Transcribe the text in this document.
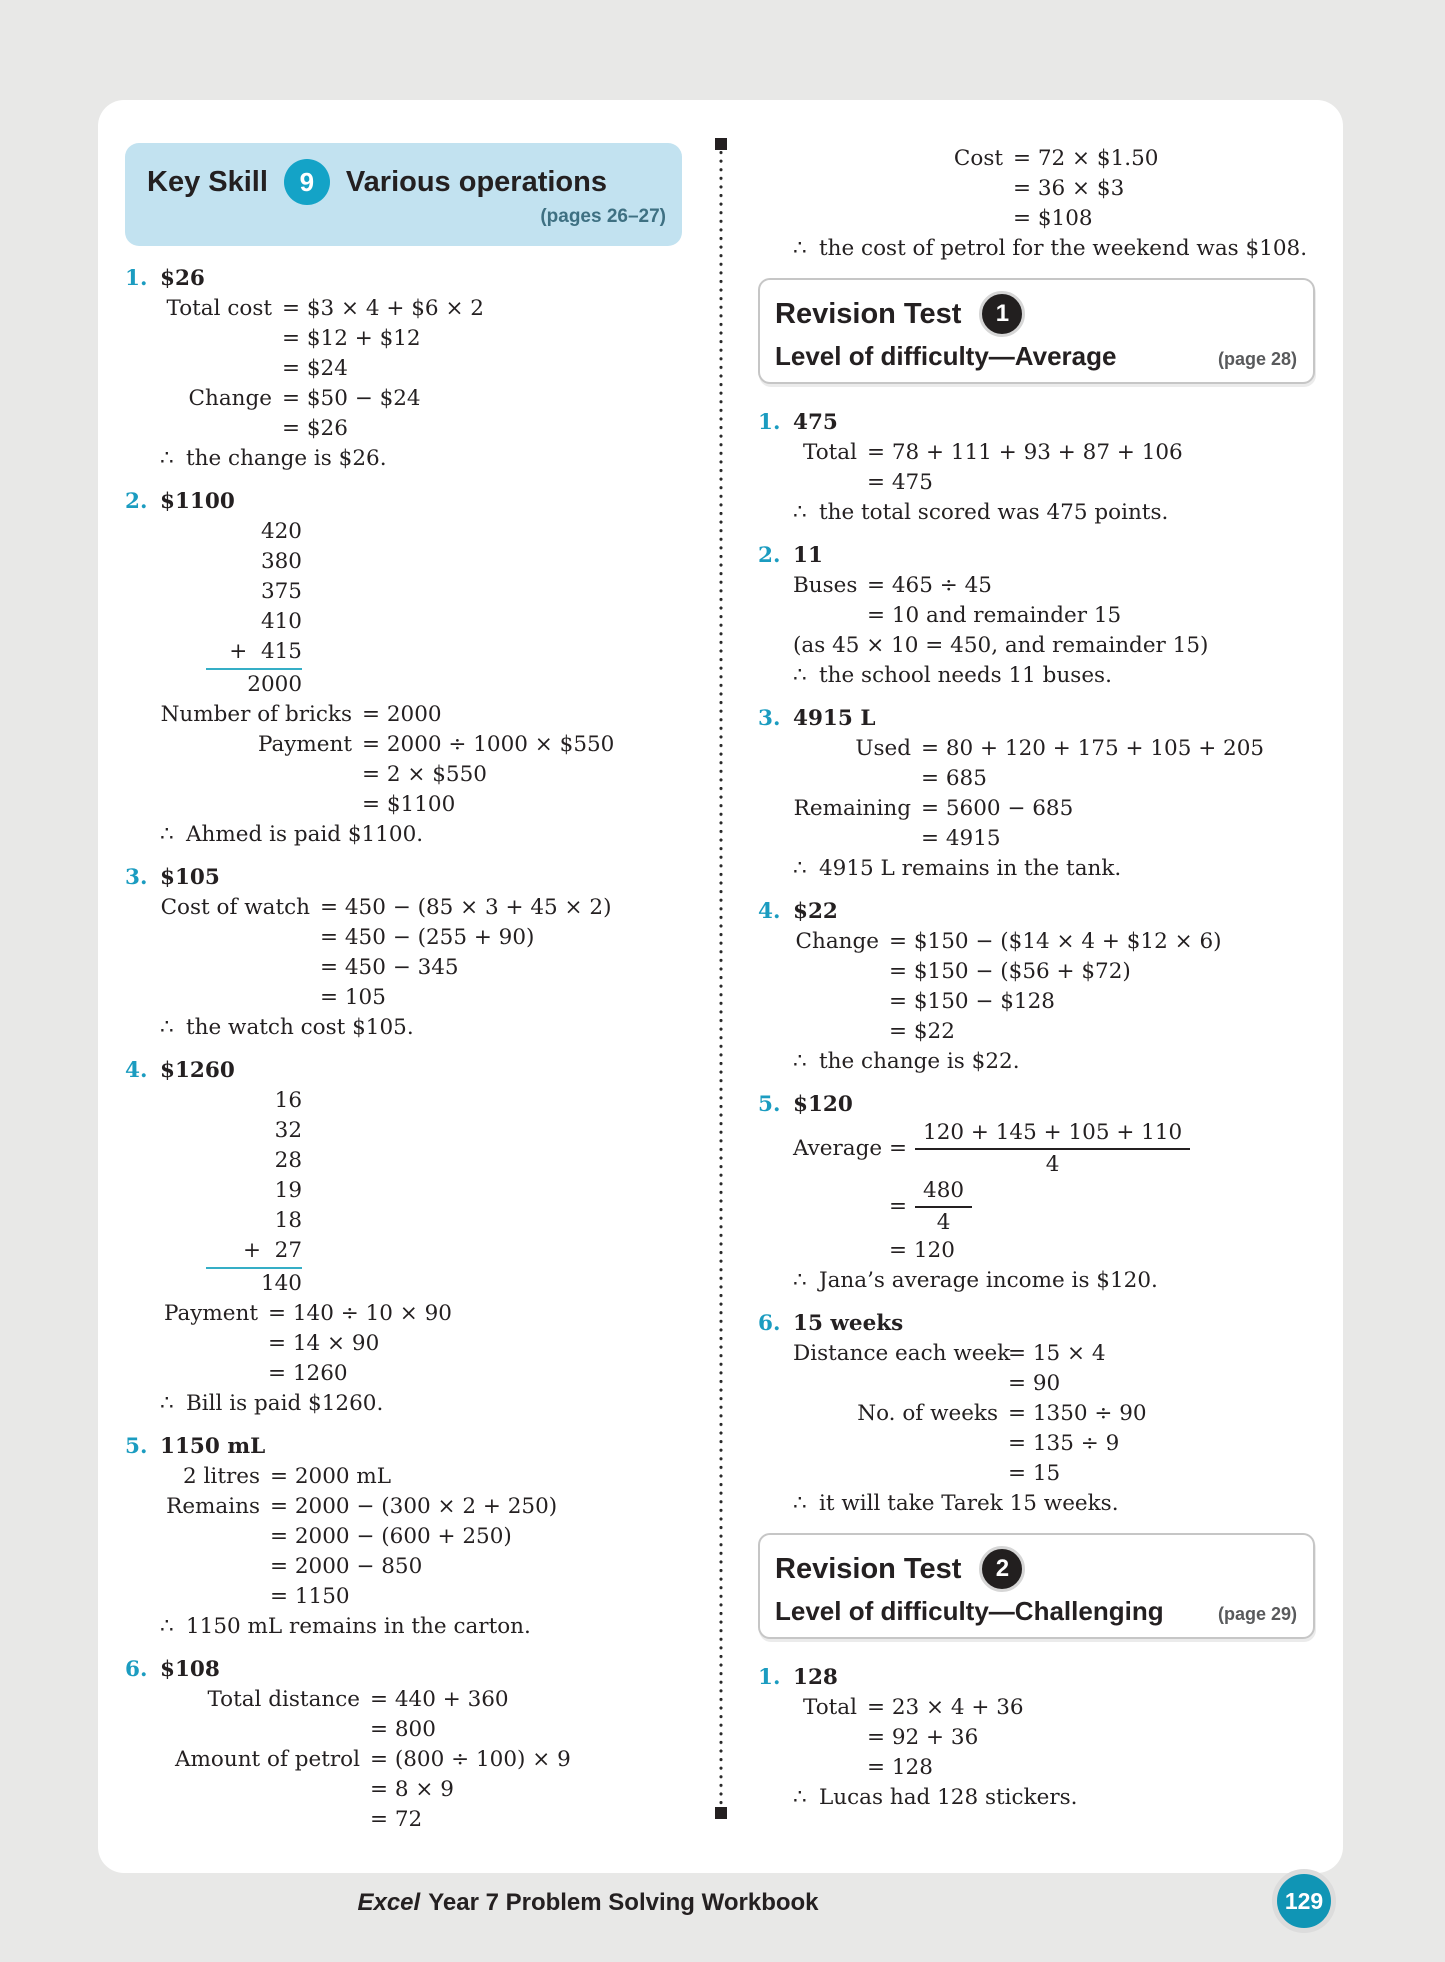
Key Skill	9	Various operations
(pages 26–27)
1. $26
Total cost = $3 × 4 + $6 × 2
= $12 + $12
= $24
Change = $50 − $24
= $26
∴ the change is $26.
2. $1100
420
380
375
410
+  415
2000
Number of bricks = 2000
Payment = 2000 ÷ 1000 × $550
= 2 × $550
= $1100
∴ Ahmed is paid $1100.
3. $105
Cost of watch = 450 − (85 × 3 + 45 × 2)
= 450 − (255 + 90)
= 450 − 345
= 105
∴ the watch cost $105.
4. $1260
16
32
28
19
18
+  27
140
Payment = 140 ÷ 10 × 90
= 14 × 90
= 1260
∴ Bill is paid $1260.
5. 1150 mL
2 litres = 2000 mL
Remains = 2000 − (300 × 2 + 250)
= 2000 − (600 + 250)
= 2000 − 850
= 1150
∴ 1150 mL remains in the carton.
6. $108
Total distance = 440 + 360
= 800
Amount of petrol = (800 ÷ 100) × 9
= 8 × 9
= 72
Cost = 72 × $1.50
= 36 × $3
= $108
∴ the cost of petrol for the weekend was $108.
Revision Test	1
Level of difficulty—Average	(page 28)
1. 475
Total = 78 + 111 + 93 + 87 + 106
= 475
∴ the total scored was 475 points.
2. 11
Buses = 465 ÷ 45
= 10 and remainder 15
(as 45 × 10 = 450, and remainder 15)
∴ the school needs 11 buses.
3. 4915 L
Used = 80 + 120 + 175 + 105 + 205
= 685
Remaining = 5600 − 685
= 4915
∴ 4915 L remains in the tank.
4. $22
Change = $150 − ($14 × 4 + $12 × 6)
= $150 − ($56 + $72)
= $150 − $128
= $22
∴ the change is $22.
5. $120
Average = $\frac{120 + 145 + 105 + 110}{4}$
= $\frac{480}{4}$
= 120
∴ Jana’s average income is $120.
6. 15 weeks
Distance each week
= 15 × 4
= 90
No. of weeks = 1350 ÷ 90
= 135 ÷ 9
= 15
∴ it will take Tarek 15 weeks.
Revision Test	2
Level of difficulty—Challenging	(page 29)
1. 128
Total = 23 × 4 + 36
= 92 + 36
= 128
∴ Lucas had 128 stickers.
Excel Year 7 Problem Solving Workbook	129
